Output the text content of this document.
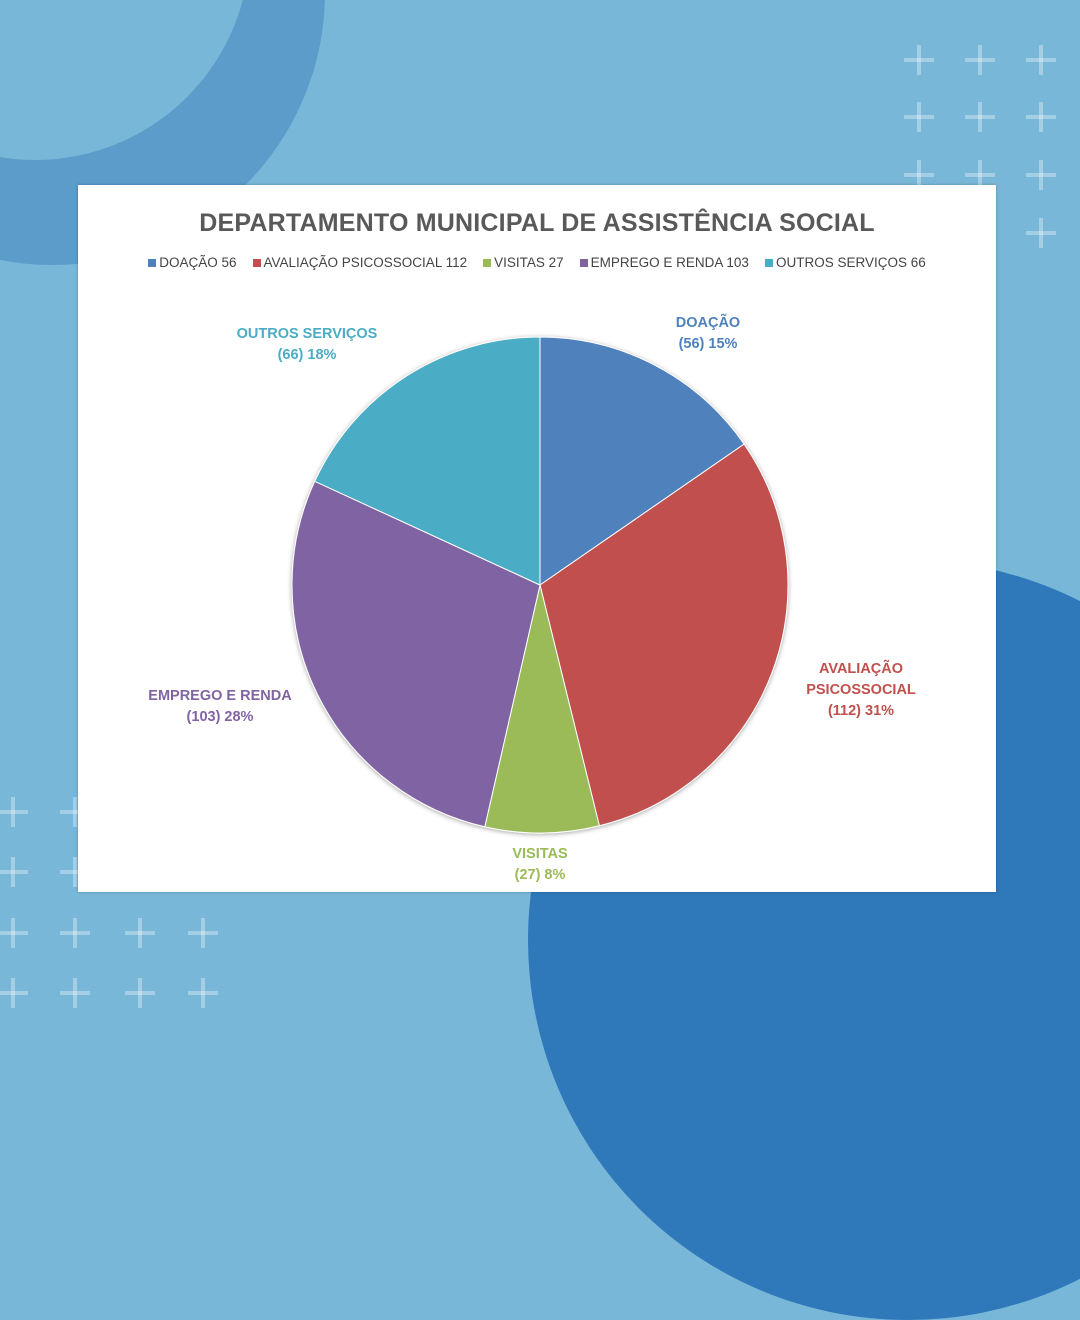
DEPARTAMENTO MUNICIPAL DE ASSISTÊNCIA SOCIAL
DOAÇÃO 56 AVALIAÇÃO PSICOSSOCIAL 112 VISITAS 27 EMPREGO E RENDA 103 OUTROS SERVIÇOS 66
DOAÇÃO (56) 15%
AVALIAÇÃO PSICOSSOCIAL (112) 31%
VISITAS (27) 8%
EMPREGO E RENDA (103) 28%
OUTROS SERVIÇOS (66) 18%
